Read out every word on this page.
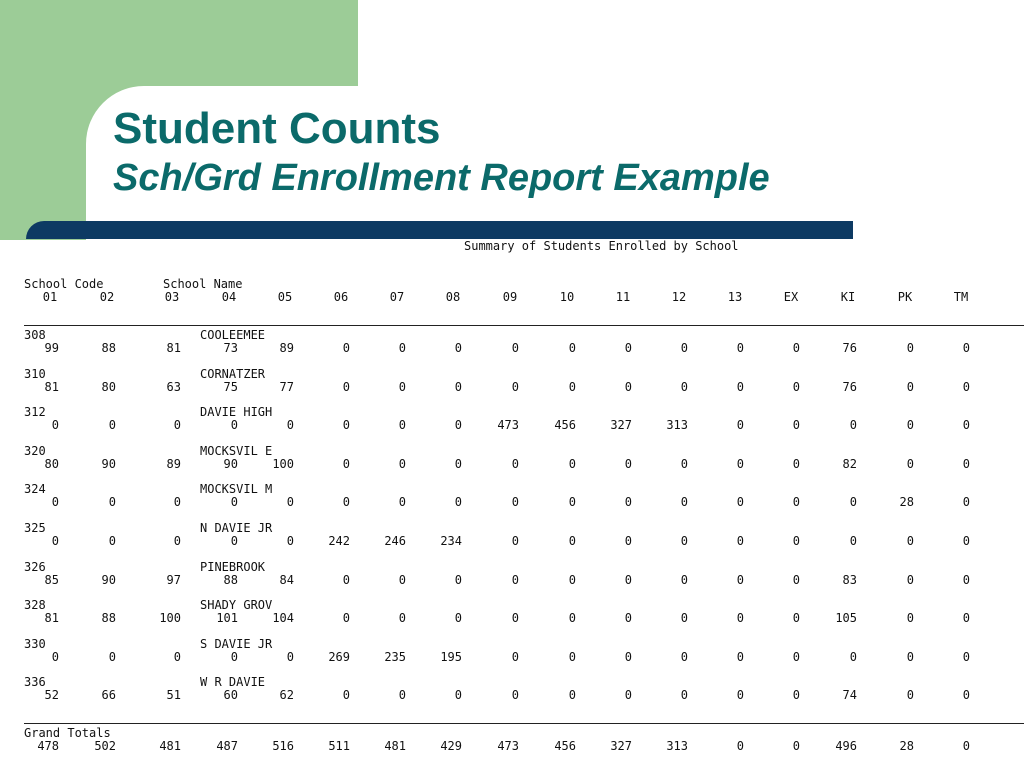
Student Counts
Sch/Grd Enrollment Report Example
Summary of Students Enrolled by School
School Code	School Name
01	02	03	04	05	06	07	08	09	10	11	12	13	EX	KI	PK	TM
308	COOLEEMEE
99	88	81	73	89	0	0	0	0	0	0	0	0	0	76	0	0
310	CORNATZER
81	80	63	75	77	0	0	0	0	0	0	0	0	0	76	0	0
312	DAVIE HIGH
0	0	0	0	0	0	0	0	473	456	327	313	0	0	0	0	0
320	MOCKSVIL E
80	90	89	90	100	0	0	0	0	0	0	0	0	0	82	0	0
324	MOCKSVIL M
0	0	0	0	0	0	0	0	0	0	0	0	0	0	0	28	0
325	N DAVIE JR
0	0	0	0	0	242	246	234	0	0	0	0	0	0	0	0	0
326	PINEBROOK
85	90	97	88	84	0	0	0	0	0	0	0	0	0	83	0	0
328	SHADY GROV
81	88	100	101	104	0	0	0	0	0	0	0	0	0	105	0	0
330	S DAVIE JR
0	0	0	0	0	269	235	195	0	0	0	0	0	0	0	0	0
336	W R DAVIE
52	66	51	60	62	0	0	0	0	0	0	0	0	0	74	0	0
Grand Totals
478	502	481	487	516	511	481	429	473	456	327	313	0	0	496	28	0
